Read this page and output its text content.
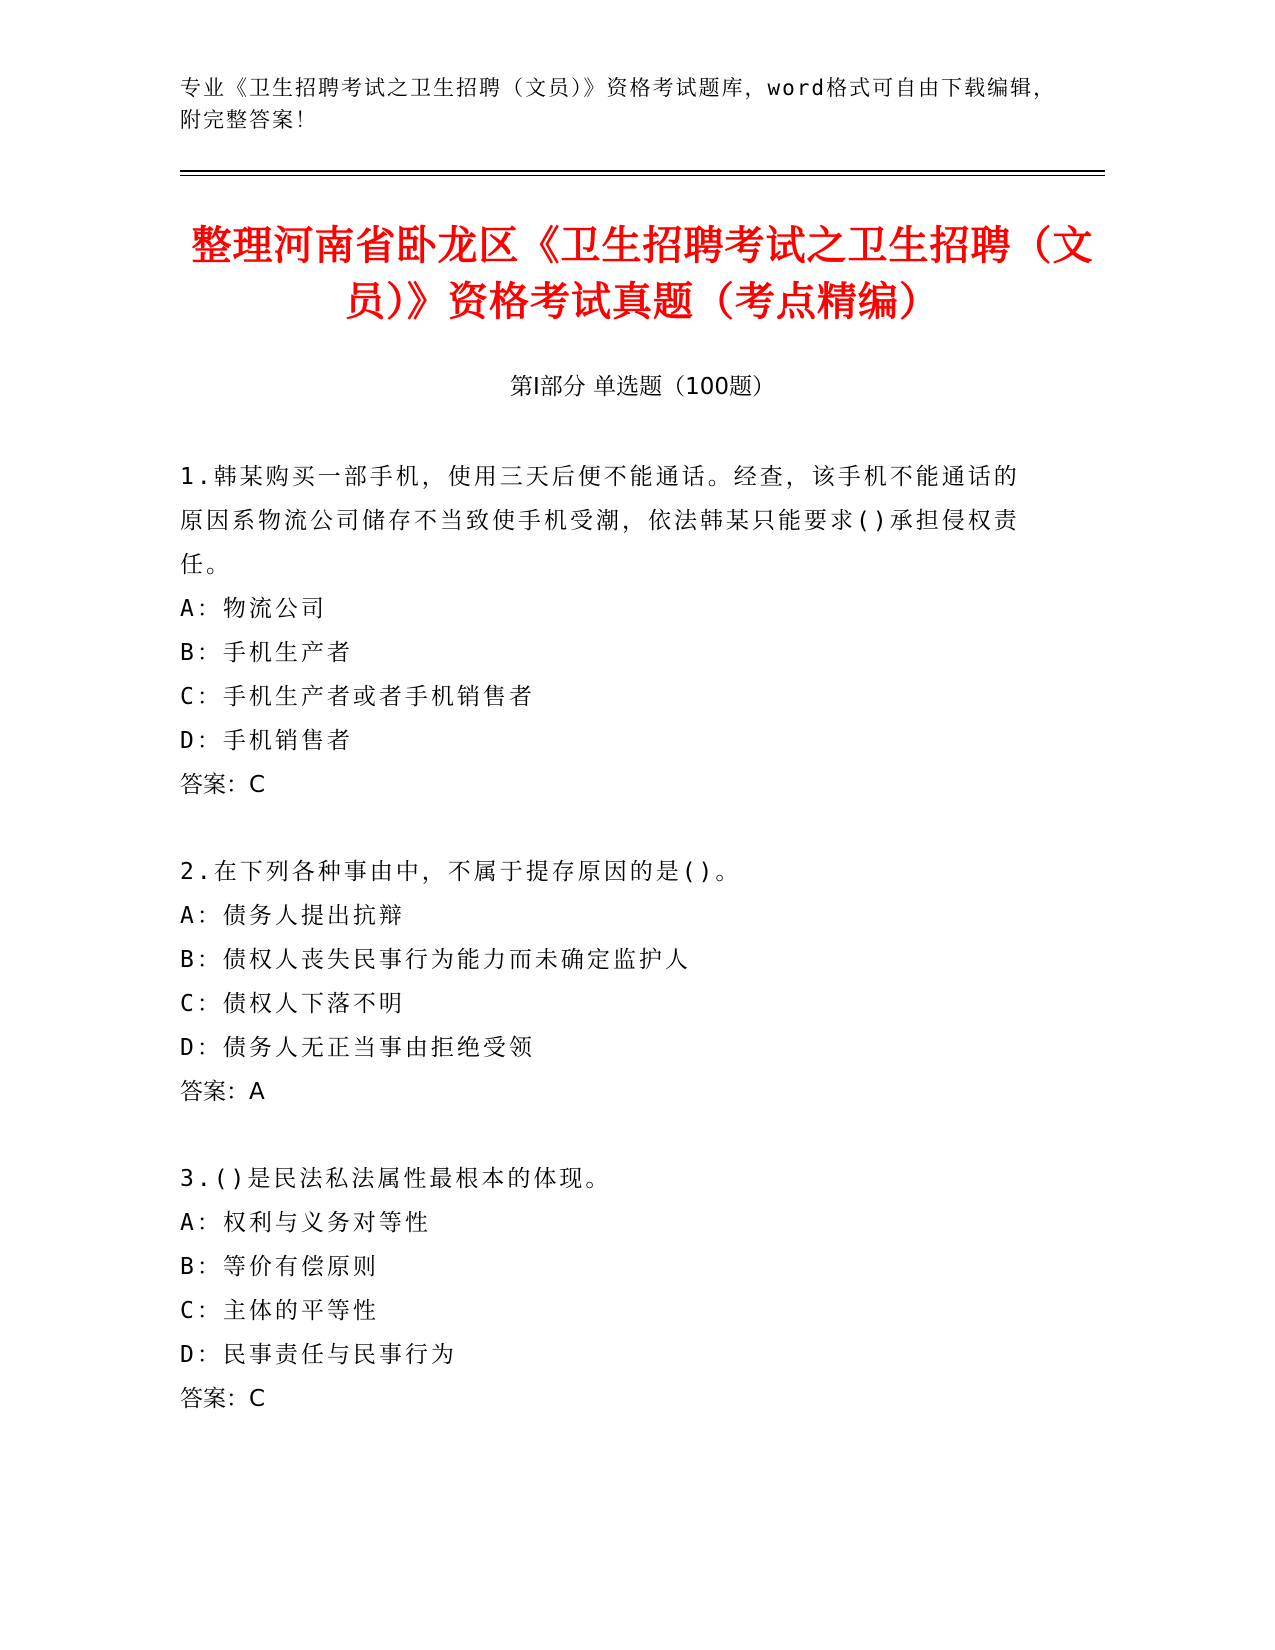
专业《卫生招聘考试之卫生招聘（文员）》资格考试题库，word格式可自由下载编辑，附完整答案！
整理河南省卧龙区《卫生招聘考试之卫生招聘（文员）》资格考试真题（考点精编）
第Ⅰ部分 单选题（100题）

1.韩某购买一部手机，使用三天后便不能通话。经查，该手机不能通话的原因系物流公司储存不当致使手机受潮，依法韩某只能要求()承担侵权责任。

A：物流公司

B：手机生产者

C：手机生产者或者手机销售者

D：手机销售者

答案：C

2.在下列各种事由中，不属于提存原因的是()。

A：债务人提出抗辩

B：债权人丧失民事行为能力而未确定监护人

C：债权人下落不明

D：债务人无正当事由拒绝受领

答案：A

3.()是民法私法属性最根本的体现。

A：权利与义务对等性

B：等价有偿原则

C：主体的平等性

D：民事责任与民事行为

答案：C
